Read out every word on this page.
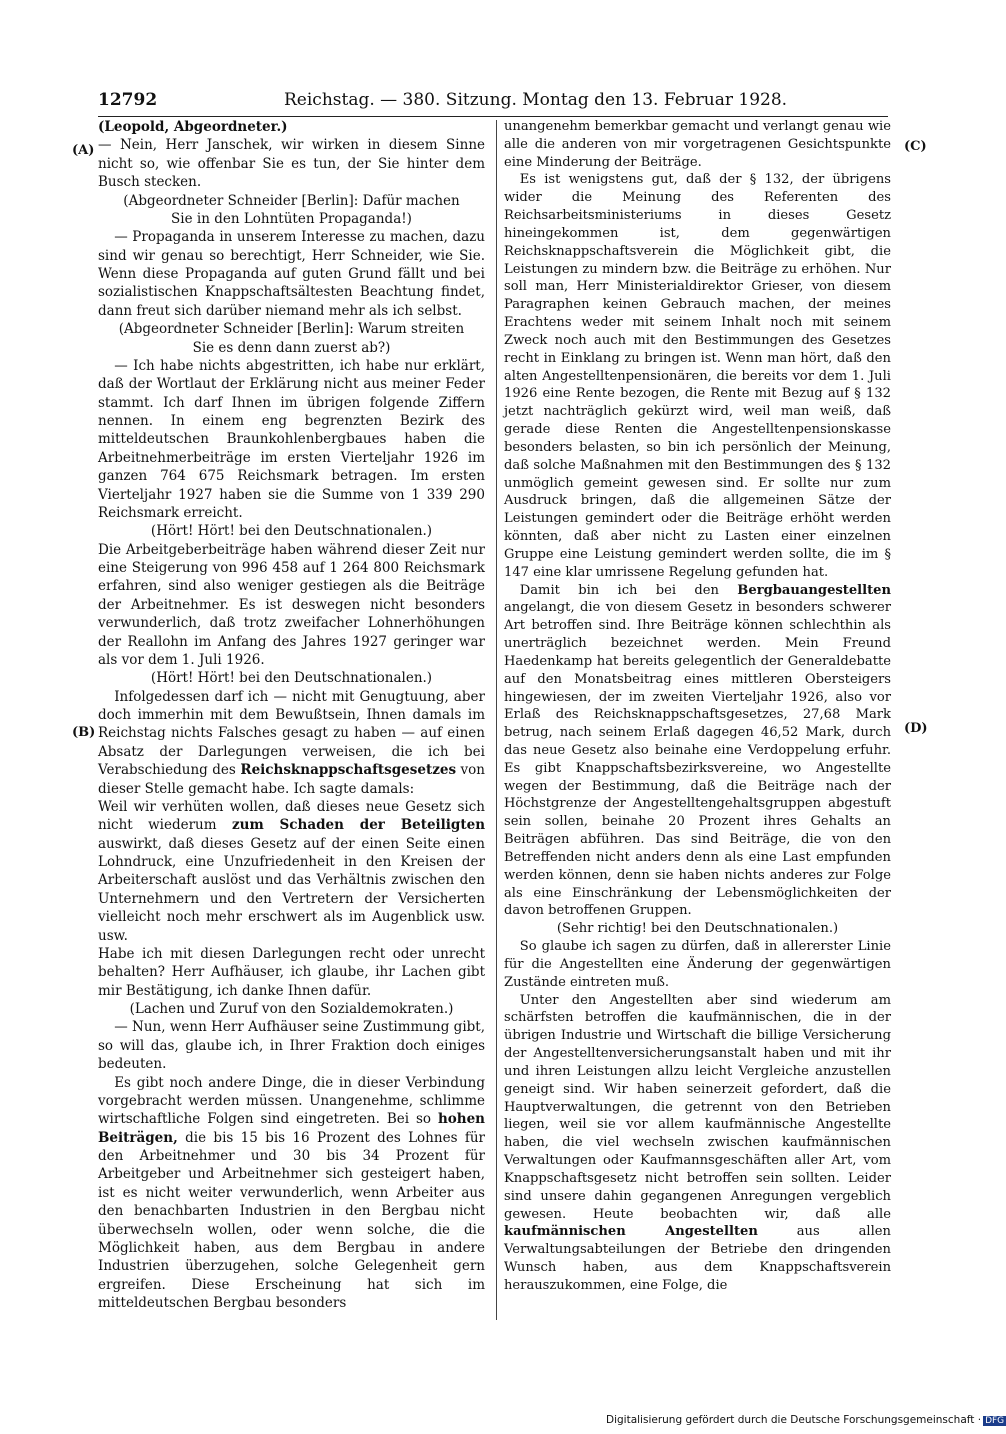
12792	Reichstag. — 380. Sitzung. Montag den 13. Februar 1928.
(A)
(B)
(C)
(D)

(Leopold, Abgeordneter.)

— Nein, Herr Janschek, wir wirken in diesem Sinne nicht so, wie offenbar Sie es tun, der Sie hinter dem Busch stecken.

(Abgeordneter Schneider [Berlin]: Dafür machen Sie in den Lohntüten Propaganda!)

— Propaganda in unserem Interesse zu machen, dazu sind wir genau so berechtigt, Herr Schneider, wie Sie. Wenn diese Propaganda auf guten Grund fällt und bei sozialistischen Knappschaftsältesten Beachtung findet, dann freut sich darüber niemand mehr als ich selbst.

(Abgeordneter Schneider [Berlin]: Warum streiten Sie es denn dann zuerst ab?)

— Ich habe nichts abgestritten, ich habe nur erklärt, daß der Wortlaut der Erklärung nicht aus meiner Feder stammt. Ich darf Ihnen im übrigen folgende Ziffern nennen. In einem eng begrenzten Bezirk des mitteldeutschen Braunkohlenbergbaues haben die Arbeitnehmerbeiträge im ersten Vierteljahr 1926 im ganzen 764 675 Reichsmark betragen. Im ersten Vierteljahr 1927 haben sie die Summe von 1 339 290 Reichsmark erreicht.

(Hört! Hört! bei den Deutschnationalen.)

Die Arbeitgeberbeiträge haben während dieser Zeit nur eine Steigerung von 996 458 auf 1 264 800 Reichsmark erfahren, sind also weniger gestiegen als die Beiträge der Arbeitnehmer. Es ist deswegen nicht besonders verwunderlich, daß trotz zweifacher Lohnerhöhungen der Reallohn im Anfang des Jahres 1927 geringer war als vor dem 1. Juli 1926.

(Hört! Hört! bei den Deutschnationalen.)

Infolgedessen darf ich — nicht mit Genugtuung, aber doch immerhin mit dem Bewußtsein, Ihnen damals im Reichstag nichts Falsches gesagt zu haben — auf einen Absatz der Darlegungen verweisen, die ich bei Verabschiedung des Reichsknappschaftsgesetzes von dieser Stelle gemacht habe. Ich sagte damals:

Weil wir verhüten wollen, daß dieses neue Gesetz sich nicht wiederum zum Schaden der Beteiligten auswirkt, daß dieses Gesetz auf der einen Seite einen Lohndruck, eine Unzufriedenheit in den Kreisen der Arbeiterschaft auslöst und das Verhältnis zwischen den Unternehmern und den Vertretern der Versicherten vielleicht noch mehr erschwert als im Augenblick usw. usw.

Habe ich mit diesen Darlegungen recht oder unrecht behalten? Herr Aufhäuser, ich glaube, ihr Lachen gibt mir Bestätigung, ich danke Ihnen dafür.

(Lachen und Zuruf von den Sozialdemokraten.)

— Nun, wenn Herr Aufhäuser seine Zustimmung gibt, so will das, glaube ich, in Ihrer Fraktion doch einiges bedeuten.

Es gibt noch andere Dinge, die in dieser Verbindung vorgebracht werden müssen. Unangenehme, schlimme wirtschaftliche Folgen sind eingetreten. Bei so hohen Beiträgen, die bis 15 bis 16 Prozent des Lohnes für den Arbeitnehmer und 30 bis 34 Prozent für Arbeitgeber und Arbeitnehmer sich gesteigert haben, ist es nicht weiter verwunderlich, wenn Arbeiter aus den benachbarten Industrien in den Bergbau nicht überwechseln wollen, oder wenn solche, die die Möglichkeit haben, aus dem Bergbau in andere Industrien überzugehen, solche Gelegenheit gern ergreifen. Diese Erscheinung hat sich im mitteldeutschen Bergbau besonders

unangenehm bemerkbar gemacht und verlangt genau wie alle die anderen von mir vorgetragenen Gesichtspunkte eine Minderung der Beiträge.

Es ist wenigstens gut, daß der § 132, der übrigens wider die Meinung des Referenten des Reichsarbeitsministeriums in dieses Gesetz hineingekommen ist, dem gegenwärtigen Reichsknappschaftsverein die Möglichkeit gibt, die Leistungen zu mindern bzw. die Beiträge zu erhöhen. Nur soll man, Herr Ministerialdirektor Grieser, von diesem Paragraphen keinen Gebrauch machen, der meines Erachtens weder mit seinem Inhalt noch mit seinem Zweck noch auch mit den Bestimmungen des Gesetzes recht in Einklang zu bringen ist. Wenn man hört, daß den alten Angestelltenpensionären, die bereits vor dem 1. Juli 1926 eine Rente bezogen, die Rente mit Bezug auf § 132 jetzt nachträglich gekürzt wird, weil man weiß, daß gerade diese Renten die Angestelltenpensionskasse besonders belasten, so bin ich persönlich der Meinung, daß solche Maßnahmen mit den Bestimmungen des § 132 unmöglich gemeint gewesen sind. Er sollte nur zum Ausdruck bringen, daß die allgemeinen Sätze der Leistungen gemindert oder die Beiträge erhöht werden könnten, daß aber nicht zu Lasten einer einzelnen Gruppe eine Leistung gemindert werden sollte, die im § 147 eine klar umrissene Regelung gefunden hat.

Damit bin ich bei den Bergbauangestellten angelangt, die von diesem Gesetz in besonders schwerer Art betroffen sind. Ihre Beiträge können schlechthin als unerträglich bezeichnet werden. Mein Freund Haedenkamp hat bereits gelegentlich der Generaldebatte auf den Monatsbeitrag eines mittleren Obersteigers hingewiesen, der im zweiten Vierteljahr 1926, also vor Erlaß des Reichsknappschaftsgesetzes, 27,68 Mark betrug, nach seinem Erlaß dagegen 46,52 Mark, durch das neue Gesetz also beinahe eine Verdoppelung erfuhr. Es gibt Knappschaftsbezirksvereine, wo Angestellte wegen der Bestimmung, daß die Beiträge nach der Höchstgrenze der Angestelltengehaltsgruppen abgestuft sein sollen, beinahe 20 Prozent ihres Gehalts an Beiträgen abführen. Das sind Beiträge, die von den Betreffenden nicht anders denn als eine Last empfunden werden können, denn sie haben nichts anderes zur Folge als eine Einschränkung der Lebensmöglichkeiten der davon betroffenen Gruppen.

(Sehr richtig! bei den Deutschnationalen.)

So glaube ich sagen zu dürfen, daß in allererster Linie für die Angestellten eine Änderung der gegenwärtigen Zustände eintreten muß.

Unter den Angestellten aber sind wiederum am schärfsten betroffen die kaufmännischen, die in der übrigen Industrie und Wirtschaft die billige Versicherung der Angestelltenversicherungsanstalt haben und mit ihr und ihren Leistungen allzu leicht Vergleiche anzustellen geneigt sind. Wir haben seinerzeit gefordert, daß die Hauptverwaltungen, die getrennt von den Betrieben liegen, weil sie vor allem kaufmännische Angestellte haben, die viel wechseln zwischen kaufmännischen Verwaltungen oder Kaufmannsgeschäften aller Art, vom Knappschaftsgesetz nicht betroffen sein sollten. Leider sind unsere dahin gegangenen Anregungen vergeblich gewesen. Heute beobachten wir, daß alle kaufmännischen Angestellten aus allen Verwaltungsabteilungen der Betriebe den dringenden Wunsch haben, aus dem Knappschaftsverein herauszukommen, eine Folge, die

Digitalisierung gefördert durch die Deutsche Forschungsgemeinschaft · DFG
